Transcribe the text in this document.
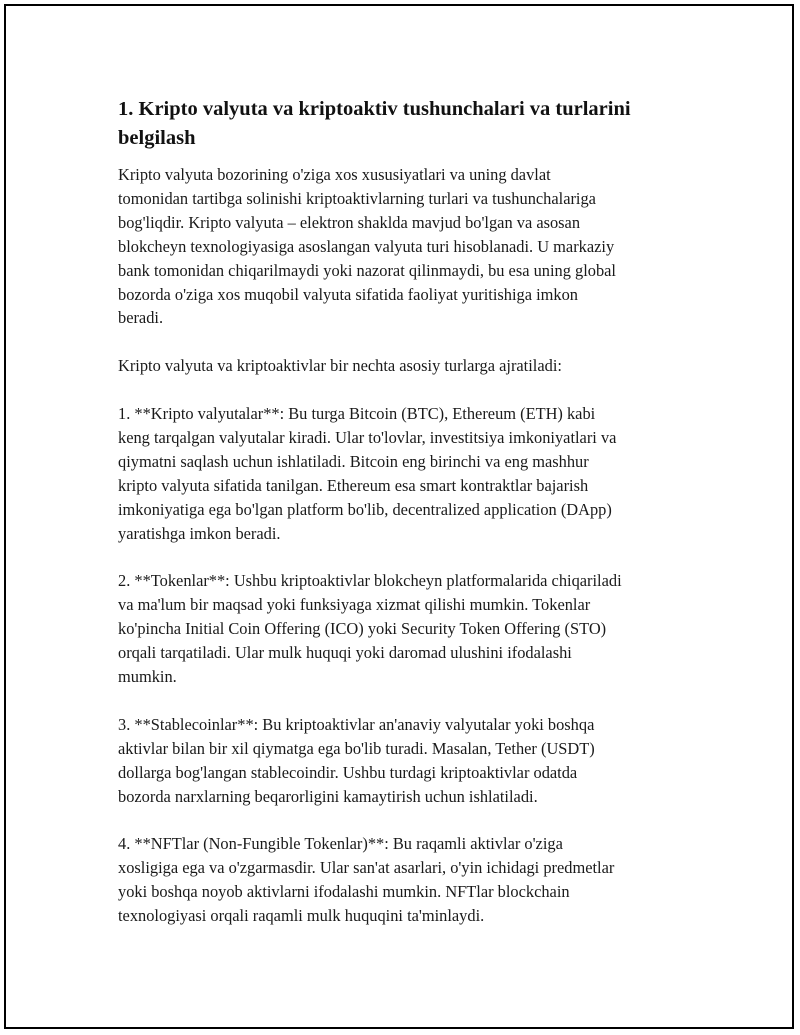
1. Kripto valyuta va kriptoaktiv tushunchalari va turlarini belgilash

Kripto valyuta bozorining o'ziga xos xususiyatlari va uning davlat
tomonidan tartibga solinishi kriptoaktivlarning turlari va tushunchalariga
bog'liqdir. Kripto valyuta – elektron shaklda mavjud bo'lgan va asosan
blokcheyn texnologiyasiga asoslangan valyuta turi hisoblanadi. U markaziy
bank tomonidan chiqarilmaydi yoki nazorat qilinmaydi, bu esa uning global
bozorda o'ziga xos muqobil valyuta sifatida faoliyat yuritishiga imkon
beradi.

Kripto valyuta va kriptoaktivlar bir nechta asosiy turlarga ajratiladi:

1. **Kripto valyutalar**: Bu turga Bitcoin (BTC), Ethereum (ETH) kabi
keng tarqalgan valyutalar kiradi. Ular to'lovlar, investitsiya imkoniyatlari va
qiymatni saqlash uchun ishlatiladi. Bitcoin eng birinchi va eng mashhur
kripto valyuta sifatida tanilgan. Ethereum esa smart kontraktlar bajarish
imkoniyatiga ega bo'lgan platform bo'lib, decentralized application (DApp)
yaratishga imkon beradi.

2. **Tokenlar**: Ushbu kriptoaktivlar blokcheyn platformalarida chiqariladi
va ma'lum bir maqsad yoki funksiyaga xizmat qilishi mumkin. Tokenlar
ko'pincha Initial Coin Offering (ICO) yoki Security Token Offering (STO)
orqali tarqatiladi. Ular mulk huquqi yoki daromad ulushini ifodalashi
mumkin.

3. **Stablecoinlar**: Bu kriptoaktivlar an'anaviy valyutalar yoki boshqa
aktivlar bilan bir xil qiymatga ega bo'lib turadi. Masalan, Tether (USDT)
dollarga bog'langan stablecoindir. Ushbu turdagi kriptoaktivlar odatda
bozorda narxlarning beqarorligini kamaytirish uchun ishlatiladi.

4. **NFTlar (Non-Fungible Tokenlar)**: Bu raqamli aktivlar o'ziga
xosligiga ega va o'zgarmasdir. Ular san'at asarlari, o'yin ichidagi predmetlar
yoki boshqa noyob aktivlarni ifodalashi mumkin. NFTlar blockchain
texnologiyasi orqali raqamli mulk huquqini ta'minlaydi.
